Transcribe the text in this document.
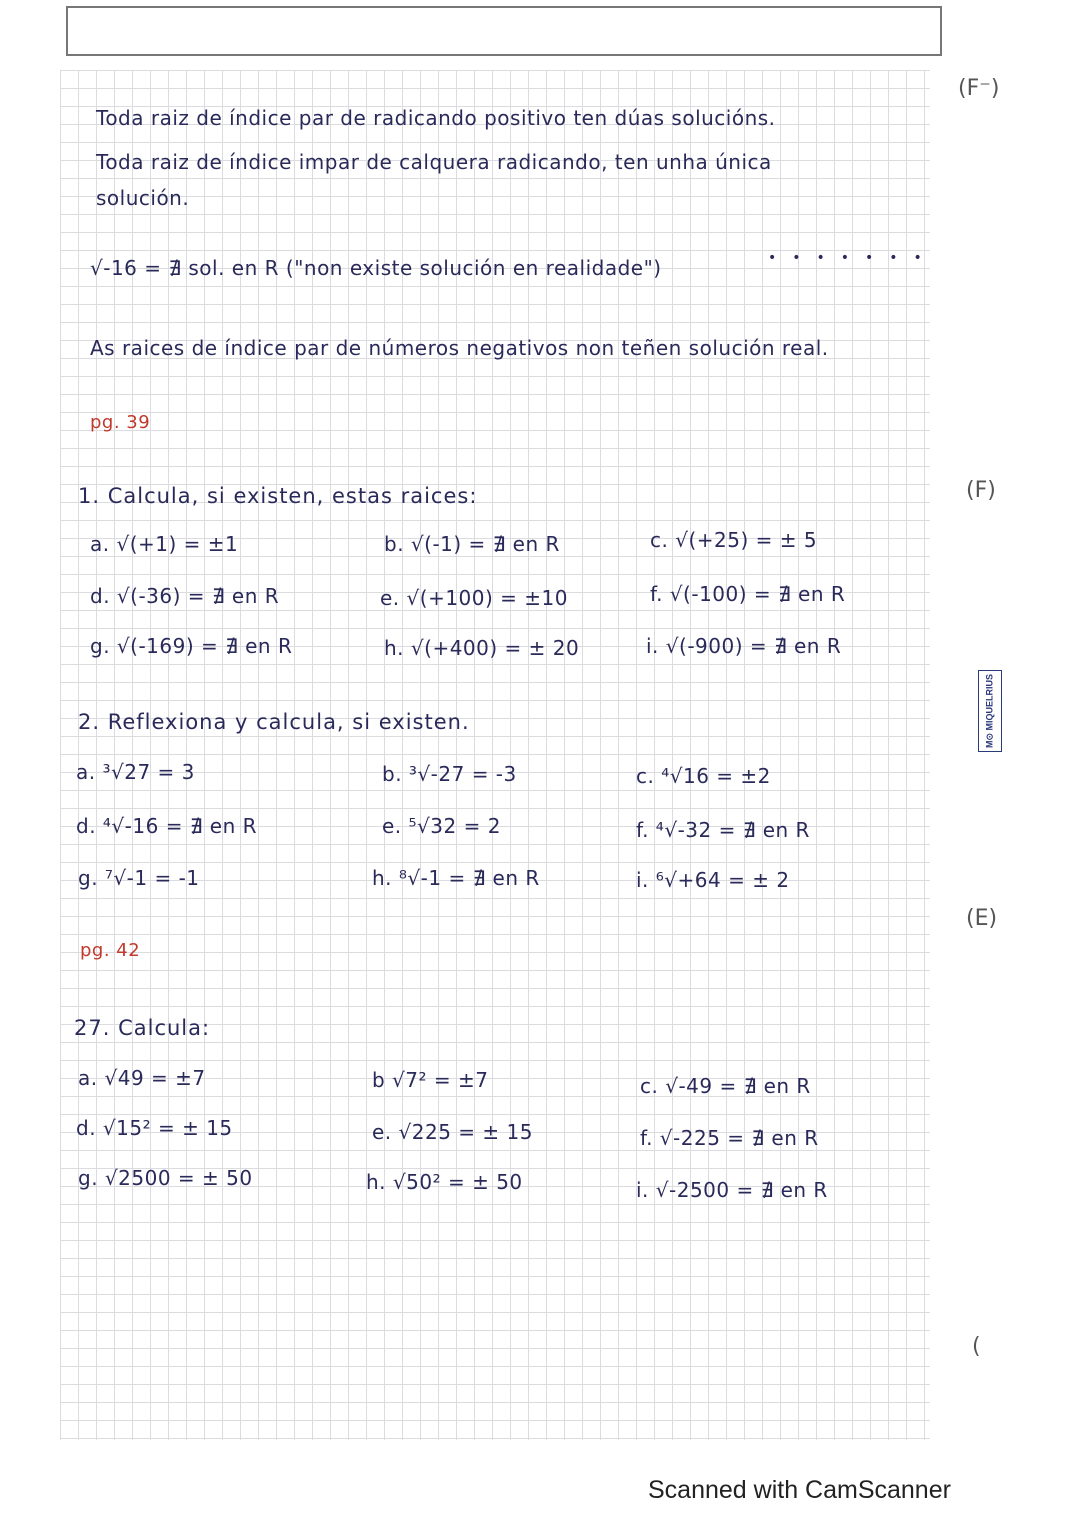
Toda raiz de índice par de radicando positivo ten dúas solucións.
Toda raiz de índice impar de calquera radicando, ten unha única
solución.
√-16 = ∄ sol. en R ("non existe solución en realidade")	•••••••
As raices de índice par de números negativos non teñen solución real.
pg. 39
1. Calcula, si existen, estas raices:
a. √(+1) = ±1	b. √(-1) = ∄ en R	c. √(+25) = ± 5
d. √(-36) = ∄ en R	e. √(+100) = ±10	f. √(-100) = ∄ en R
g. √(-169) = ∄ en R	h. √(+400) = ± 20	i. √(-900) = ∄ en R
2. Reflexiona y calcula, si existen.
a. ³√27 = 3	b. ³√-27 = -3	c. ⁴√16 = ±2
d. ⁴√-16 = ∄ en R	e. ⁵√32 = 2	f. ⁴√-32 = ∄ en R
g. ⁷√-1 = -1	h. ⁸√-1 = ∄ en R	i. ⁶√+64 = ± 2
pg. 42
27. Calcula:
a. √49 = ±7	b √7² = ±7	c. √-49 = ∄ en R
d. √15² = ± 15	e. √225 = ± 15	f. √-225 = ∄ en R
g. √2500 = ± 50	h. √50² = ± 50	i. √-2500 = ∄ en R
(F⁻)
(F)
(E)
(
M⊙ MIQUELRIUS
Scanned with CamScanner
